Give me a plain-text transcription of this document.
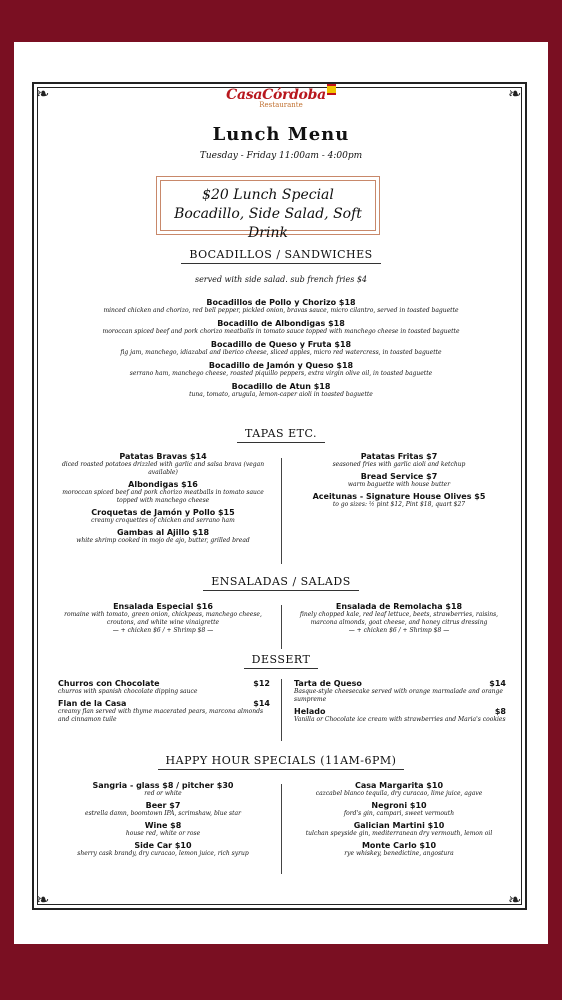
❧	❧
❧	❧
CasaCórdoba
Restaurante
Lunch Menu
Tuesday - Friday 11:00am - 4:00pm
$20 Lunch Special
Bocadillo, Side Salad, Soft Drink
BOCADILLOS / SANDWICHES
served with side salad. sub french fries $4
Bocadillos de Pollo y Chorizo $18
minced chicken and chorizo, red bell pepper, pickled onion, bravas sauce, micro cilantro, served in toasted baguette
Bocadillo de Albondigas $18
moroccan spiced beef and pork chorizo meatballs in tomato sauce topped with manchego cheese in toasted baguette
Bocadillo de Queso y Fruta $18
fig jam, manchego, idiazabal and iberico cheese, sliced apples, micro red watercress, in toasted baguette
Bocadillo de Jamón y Queso $18
serrano ham, manchego cheese, roasted piquillo peppers, extra virgin olive oil, in toasted baguette
Bocadillo de Atun $18
tuna, tomato, arugula, lemon-caper aioli in toasted baguette
TAPAS ETC.
Patatas Bravas $14
diced roasted potatoes drizzled with garlic and salsa brava (vegan available)
Albondigas $16
moroccan spiced beef and pork chorizo meatballs in tomato sauce topped with manchego cheese
Croquetas de Jamón y Pollo $15
creamy croquettes of chicken and serrano ham
Gambas al Ajillo $18
white shrimp cooked in mojo de ajo, butter, grilled bread
Patatas Fritas $7
seasoned fries with garlic aioli and ketchup
Bread Service $7
warm baguette with house butter
Aceitunas - Signature House Olives $5
to go sizes: ½ pint $12, Pint $18, quart $27
ENSALADAS / SALADS
Ensalada Especial $16
romaine with tomato, green onion, chickpeas, manchego cheese, croutons, and white wine vinaigrette
— + chicken $6 / + Shrimp $8 —
Ensalada de Remolacha $18
finely chopped kale, red leaf lettuce, beets, strawberries, raisins, marcona almonds, goat cheese, and honey citrus dressing
— + chicken $6 / + Shrimp $8 —
DESSERT
Churros con Chocolate	$12
churros with spanish chocolate dipping sauce
Flan de la Casa	$14
creamy flan served with thyme macerated pears, marcona almonds and cinnamon tuile
Tarta de Queso	$14
Basque-style cheesecake served with orange marmalade and orange sumpreme
Helado	$8
Vanilla or Chocolate ice cream with strawberries and Maria's cookies
HAPPY HOUR SPECIALS (11AM-6PM)
Sangria - glass $8 / pitcher $30
red or white
Beer $7
estrella damn, boomtown IPA, scrimshaw, blue star
Wine $8
house red, white or rose
Side Car $10
sherry cask brandy, dry curacao, lemon juice, rich syrup
Casa Margarita $10
cazcabel blanco tequila, dry curacao, lime juice, agave
Negroni $10
ford's gin, campari, sweet vermouth
Galician Martini $10
tulchan speyside gin, mediterranean dry vermouth, lemon oil
Monte Carlo $10
rye whiskey, benedictine, angostura
